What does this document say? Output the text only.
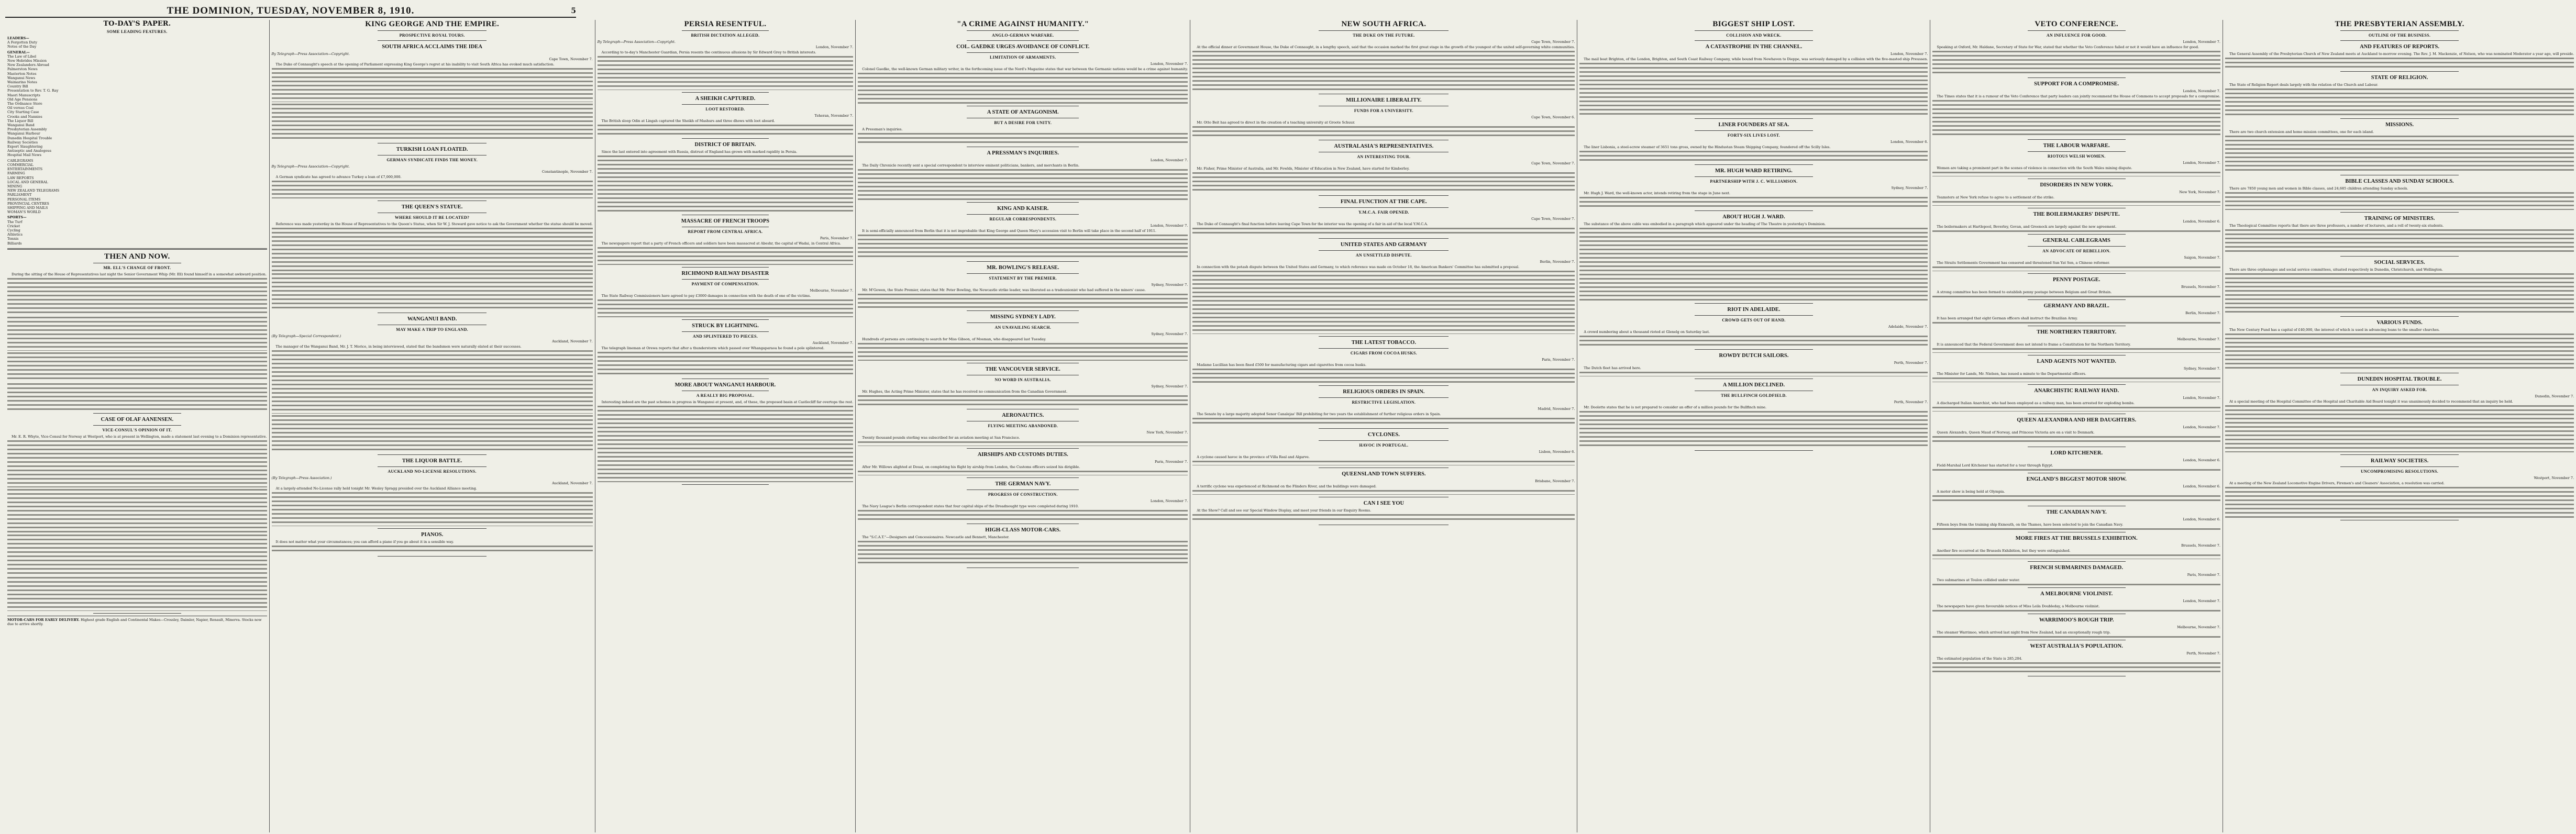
THE DOMINION, TUESDAY, NOVEMBER 8, 1910.	5
TO-DAY'S PAPER.
SOME LEADING FEATURES.
LEADERS—
A Forgotten Duty
Notes of the Day
GENERAL—
The Law of Libel
New Hebrides Mission
New Zealanders Abroad
Palmerston News
Masterton Notes
Wanganui News
Waimarino Notes
Country Bill
Presentation to Rev. T. G. Ray
Maori Manuscripts
Old Age Pensions
The Ordnance Store
Oil versus Coal
City Starting Case
Crooks and Nannies
The Liquor Bill
Wanganui Band
Presbyterian Assembly
Wanganui Harbour
Dunedin Hospital Trouble
Railway Societies
Export Slaughtering
Antiseptic and Analogous
Hospital Mail News
CABLEGRAMS
COMMERCIAL
ENTERTAINMENTS
FARMING
LAW REPORTS
LOCAL AND GENERAL
MINING
NEW ZEALAND TELEGRAMS
PARLIAMENT
PERSONAL ITEMS
PROVINCIAL CENTRES
SHIPPING AND MAILS
WOMAN'S WORLD
SPORTS—
The Turf
Cricket
Cycling
Athletics
Tennis
Billiards
THEN AND NOW.
MR. ELL'S CHANGE OF FRONT.
During the sitting of the House of Representatives last night the Senior Government Whip (Mr. Ell) found himself in a somewhat awkward position.
CASE OF OLAF AANENSEN.
VICE-CONSUL'S OPINION OF IT.
Mr. E. R. Whyte, Vice-Consul for Norway at Westport, who is at present in Wellington, made a statement last evening to a Dominion representative.
MOTOR-CARS FOR EARLY DELIVERY. Highest grade English and Continental Makes—Crossley, Daimler, Napier, Renault, Minerva. Stocks now due to arrive shortly.
KING GEORGE AND THE EMPIRE.
PROSPECTIVE ROYAL TOURS.
SOUTH AFRICA ACCLAIMS THE IDEA
By Telegraph—Press Association—Copyright.
Cape Town, November 7.
The Duke of Connaught's speech at the opening of Parliament expressing King George's regret at his inability to visit South Africa has evoked much satisfaction.
TURKISH LOAN FLOATED.
GERMAN SYNDICATE FINDS THE MONEY.
By Telegraph—Press Association—Copyright.
Constantinople, November 7.
A German syndicate has agreed to advance Turkey a loan of £7,000,000.
THE QUEEN'S STATUE.
WHERE SHOULD IT BE LOCATED?
Reference was made yesterday in the House of Representatives to the Queen's Statue, when Sir W. J. Steward gave notice to ask the Government whether the statue should be moved.
WANGANUI BAND.
MAY MAKE A TRIP TO ENGLAND.
(By Telegraph—Special Correspondent.)
Auckland, November 7.
The manager of the Wanganui Band, Mr. J. T. Morice, in being interviewed, stated that the bandsmen were naturally elated at their successes.
THE LIQUOR BATTLE.
AUCKLAND NO-LICENSE RESOLUTIONS.
(By Telegraph—Press Association.)
Auckland, November 7.
At a largely-attended No-License rally held tonight Mr. Wesley Spragg presided over the Auckland Alliance meeting.
PIANOS.
It does not matter what your circumstances; you can afford a piano if you go about it in a sensible way.
PERSIA RESENTFUL.
BRITISH DICTATION ALLEGED.
By Telegraph—Press Association—Copyright.
London, November 7.
According to to-day's Manchester Guardian, Persia resents the continuous allusions by Sir Edward Grey to British interests.
A SHEIKH CAPTURED.
LOOT RESTORED.
Teheran, November 7.
The British sloop Odin at Lingah captured the Sheikh of Mashurs and three dhows with loot aboard.
DISTRICT OF BRITAIN.
Since the last entered into agreement with Russia, distrust of England has grown with marked rapidity in Persia.
MASSACRE OF FRENCH TROOPS
REPORT FROM CENTRAL AFRICA.
Paris, November 7.
The newspapers report that a party of French officers and soldiers have been massacred at Abeshr, the capital of Wadai, in Central Africa.
RICHMOND RAILWAY DISASTER
PAYMENT OF COMPENSATION.
Melbourne, November 7.
The State Railway Commissioners have agreed to pay £3000 damages in connection with the death of one of the victims.
STRUCK BY LIGHTNING.
AND SPLINTERED TO PIECES.
Auckland, November 7.
The telegraph lineman at Orewa reports that after a thunderstorm which passed over Whangaparaoa he found a pole splintered.
MORE ABOUT WANGANUI HARBOUR.
A REALLY BIG PROPOSAL.
Interesting indeed are the past schemes in progress in Wanganui at present, and, of these, the proposed basin at Castlecliff far overtops the rest.
"A CRIME AGAINST HUMANITY."
ANGLO-GERMAN WARFARE.
COL. GAEDKE URGES AVOIDANCE OF CONFLICT.
LIMITATION OF ARMAMENTS.
London, November 7.
Colonel Gaedke, the well-known German military writer, in the forthcoming issue of the Nord's Magazine states that war between the Germanic nations would be a crime against humanity.
A STATE OF ANTAGONISM.
BUT A DESIRE FOR UNITY.
A Pressman's inquiries.
A PRESSMAN'S INQUIRIES.
London, November 7.
The Daily Chronicle recently sent a special correspondent to interview eminent politicians, bankers, and merchants in Berlin.
KING AND KAISER.
REGULAR CORRESPONDENTS.
London, November 7.
It is semi-officially announced from Berlin that it is not improbable that King George and Queen Mary's accession visit to Berlin will take place in the second half of 1911.
MR. BOWLING'S RELEASE.
STATEMENT BY THE PREMIER.
Sydney, November 7.
Mr. M'Gowen, the State Premier, states that Mr. Peter Bowling, the Newcastle strike leader, was liberated as a tradeunionist who had suffered in the miners' cause.
MISSING SYDNEY LADY.
AN UNAVAILING SEARCH.
Sydney, November 7.
Hundreds of persons are continuing to search for Miss Gibson, of Mosman, who disappeared last Tuesday.
THE VANCOUVER SERVICE.
NO WORD IN AUSTRALIA.
Sydney, November 7.
Mr. Hughes, the Acting Prime Minister, states that he has received no communication from the Canadian Government.
AERONAUTICS.
FLYING MEETING ABANDONED.
New York, November 7.
Twenty thousand pounds sterling was subscribed for an aviation meeting at San Francisco.
AIRSHIPS AND CUSTOMS DUTIES.
Paris, November 7.
After Mr. Willows alighted at Douai, on completing his flight by airship from London, the Customs officers seized his dirigible.
THE GERMAN NAVY.
PROGRESS OF CONSTRUCTION.
London, November 7.
The Navy League's Berlin correspondent states that four capital ships of the Dreadnought type were completed during 1910.
HIGH-CLASS MOTOR-CARS.
The "S.C.A.T."—Designers and Concessionaires. Newcastle and Bennett, Manchester.
NEW SOUTH AFRICA.
THE DUKE ON THE FUTURE.
Cape Town, November 7.
At the official dinner at Government House, the Duke of Connaught, in a lengthy speech, said that the occasion marked the first great stage in the growth of the youngest of the united self-governing white communities.
MILLIONAIRE LIBERALITY.
FUNDS FOR A UNIVERSITY.
Cape Town, November 6.
Mr. Otto Beit has agreed to direct in the creation of a teaching university at Groote Schuur.
AUSTRALASIA'S REPRESENTATIVES.
AN INTERESTING TOUR.
Cape Town, November 7.
Mr. Fisher, Prime Minister of Australia, and Mr. Fowlds, Minister of Education in New Zealand, have started for Kimberley.
FINAL FUNCTION AT THE CAPE.
Y.M.C.A. FAIR OPENED.
Cape Town, November 7.
The Duke of Connaught's final function before leaving Cape Town for the interior was the opening of a fair in aid of the local Y.M.C.A.
UNITED STATES AND GERMANY
AN UNSETTLED DISPUTE.
Berlin, November 7.
In connection with the potash dispute between the United States and Germany, to which reference was made on October 18, the American Bankers' Committee has submitted a proposal.
THE LATEST TOBACCO.
CIGARS FROM COCOA HUSKS.
Paris, November 7.
Madame Lucillian has been fined £500 for manufacturing cigars and cigarettes from cocoa husks.
RELIGIOUS ORDERS IN SPAIN.
RESTRICTIVE LEGISLATION.
Madrid, November 7.
The Senate by a large majority adopted Senor Canalejas' Bill prohibiting for two years the establishment of further religious orders in Spain.
CYCLONES.
HAVOC IN PORTUGAL.
Lisbon, November 6.
A cyclone caused havoc in the province of Villa Real and Algarve.
QUEENSLAND TOWN SUFFERS.
Brisbane, November 7.
A terrific cyclone was experienced at Richmond on the Flinders River, and the buildings were damaged.
CAN I SEE YOU
At the Show? Call and see our Special Window Display, and meet your friends in our Enquiry Rooms.
BIGGEST SHIP LOST.
COLLISION AND WRECK.
A CATASTROPHE IN THE CHANNEL.
London, November 7.
The mail boat Brighton, of the London, Brighton, and South Coast Railway Company, while bound from Newhaven to Dieppe, was seriously damaged by a collision with the five-masted ship Preussen.
LINER FOUNDERS AT SEA.
FORTY-SIX LIVES LOST.
London, November 6.
The liner Lisbonia, a steel-screw steamer of 3651 tons gross, owned by the Hindustan Steam Shipping Company, foundered off the Scilly Isles.
MR. HUGH WARD RETIRING.
PARTNERSHIP WITH J. C. WILLIAMSON.
Sydney, November 7.
Mr. Hugh J. Ward, the well-known actor, intends retiring from the stage in June next.
ABOUT HUGH J. WARD.
The substance of the above cable was embodied in a paragraph which appeared under the heading of The Theatre in yesterday's Dominion.
RIOT IN ADELAIDE.
CROWD GETS OUT OF HAND.
Adelaide, November 7.
A crowd numbering about a thousand rioted at Glenelg on Saturday last.
ROWDY DUTCH SAILORS.
Perth, November 7.
The Dutch fleet has arrived here.
A MILLION DECLINED.
THE BULLFINCH GOLDFIELD.
Perth, November 7.
Mr. Doolette states that he is not prepared to consider an offer of a million pounds for the Bullfinch mine.
VETO CONFERENCE.
AN INFLUENCE FOR GOOD.
London, November 7.
Speaking at Oxford, Mr. Haldane, Secretary of State for War, stated that whether the Veto Conference failed or not it would have an influence for good.
SUPPORT FOR A COMPROMISE.
London, November 7.
The Times states that it is a rumour of the Veto Conference that party leaders can jointly recommend the House of Commons to accept proposals for a compromise.
THE LABOUR WARFARE.
RIOTOUS WELSH WOMEN.
London, November 7.
Women are taking a prominent part in the scenes of violence in connection with the South Wales mining dispute.
DISORDERS IN NEW YORK.
New York, November 7.
Teamsters at New York refuse to agree to a settlement of the strike.
THE BOILERMAKERS' DISPUTE.
London, November 6.
The boilermakers at Hartlepool, Beverley, Govan, and Greenock are largely against the new agreement.
GENERAL CABLEGRAMS
AN ADVOCATE OF REBELLION.
Saigon, November 7.
The Straits Settlements Government has censored and threatened Sun Yat Sen, a Chinese reformer.
PENNY POSTAGE.
Brussels, November 7.
A strong committee has been formed to establish penny postage between Belgium and Great Britain.
GERMANY AND BRAZIL.
Berlin, November 7.
It has been arranged that eight German officers shall instruct the Brazilian Army.
THE NORTHERN TERRITORY.
Melbourne, November 7.
It is announced that the Federal Government does not intend to frame a Constitution for the Northern Territory.
LAND AGENTS NOT WANTED.
Sydney, November 7.
The Minister for Lands, Mr. Nielsen, has issued a minute to the Departmental officers.
ANARCHISTIC RAILWAY HAND.
London, November 7.
A discharged Italian Anarchist, who had been employed as a railway man, has been arrested for exploding bombs.
QUEEN ALEXANDRA AND HER DAUGHTERS.
London, November 7.
Queen Alexandra, Queen Maud of Norway, and Princess Victoria are on a visit to Denmark.
LORD KITCHENER.
London, November 6.
Field-Marshal Lord Kitchener has started for a tour through Egypt.
ENGLAND'S BIGGEST MOTOR SHOW.
London, November 6.
A motor show is being held at Olympia.
THE CANADIAN NAVY.
London, November 6.
Fifteen boys from the training ship Exmouth, on the Thames, have been selected to join the Canadian Navy.
MORE FIRES AT THE BRUSSELS EXHIBITION.
Brussels, November 7.
Another fire occurred at the Brussels Exhibition, but they were extinguished.
FRENCH SUBMARINES DAMAGED.
Paris, November 7.
Two submarines at Toulon collided under water.
A MELBOURNE VIOLINIST.
London, November 7.
The newspapers have given favourable notices of Miss Leila Doubleday, a Melbourne violinist.
WARRIMOO'S ROUGH TRIP.
Melbourne, November 7.
The steamer Warrimoo, which arrived last night from New Zealand, had an exceptionally rough trip.
WEST AUSTRALIA'S POPULATION.
Perth, November 7.
The estimated population of the State is 285,204.
THE PRESBYTERIAN ASSEMBLY.
OUTLINE OF THE BUSINESS.
AND FEATURES OF REPORTS.
The General Assembly of the Presbyterian Church of New Zealand meets at Auckland to-morrow evening. The Rev. J. M. Mackenzie, of Nelson, who was nominated Moderator a year ago, will preside.
STATE OF RELIGION.
The State of Religion Report deals largely with the relation of the Church and Labour.
MISSIONS.
There are two church extension and home mission committees, one for each island.
BIBLE CLASSES AND SUNDAY SCHOOLS.
There are 7850 young men and women in Bible classes, and 24,685 children attending Sunday schools.
TRAINING OF MINISTERS.
The Theological Committee reports that there are three professors, a number of lecturers, and a roll of twenty-six students.
SOCIAL SERVICES.
There are three orphanages and social service committees, situated respectively in Dunedin, Christchurch, and Wellington.
VARIOUS FUNDS.
The New Century Fund has a capital of £40,000, the interest of which is used in advancing loans to the smaller churches.
DUNEDIN HOSPITAL TROUBLE.
AN INQUIRY ASKED FOR.
Dunedin, November 7.
At a special meeting of the Hospital Committee of the Hospital and Charitable Aid Board tonight it was unanimously decided to recommend that an inquiry be held.
RAILWAY SOCIETIES.
UNCOMPROMISING RESOLUTIONS.
Westport, November 7.
At a meeting of the New Zealand Locomotive Engine Drivers, Firemen's and Cleaners' Association, a resolution was carried.
